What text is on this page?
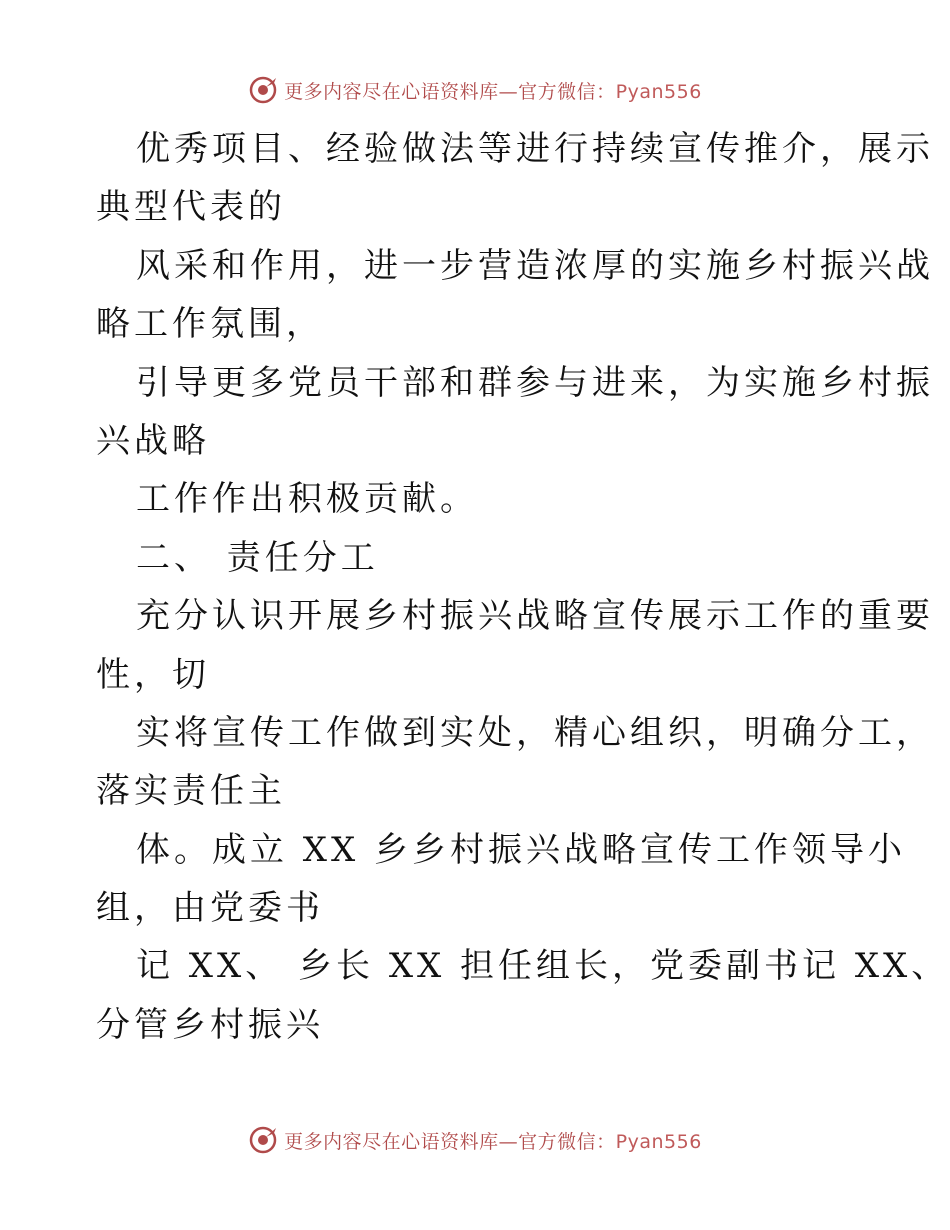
更多内容尽在心语资料库—官方微信：Pyan556
优秀项目、经验做法等进行持续宣传推介，展示
典型代表的
风采和作用，进一步营造浓厚的实施乡村振兴战
略工作氛围，
引导更多党员干部和群参与进来，为实施乡村振
兴战略
工作作出积极贡献。
二、 责任分工
充分认识开展乡村振兴战略宣传展示工作的重要
性，切
实将宣传工作做到实处，精心组织，明确分工，
落实责任主
体。成立 XX 乡乡村振兴战略宣传工作领导小
组，由党委书
记 XX、 乡长 XX 担任组长，党委副书记 XX、
分管乡村振兴
更多内容尽在心语资料库—官方微信：Pyan556
